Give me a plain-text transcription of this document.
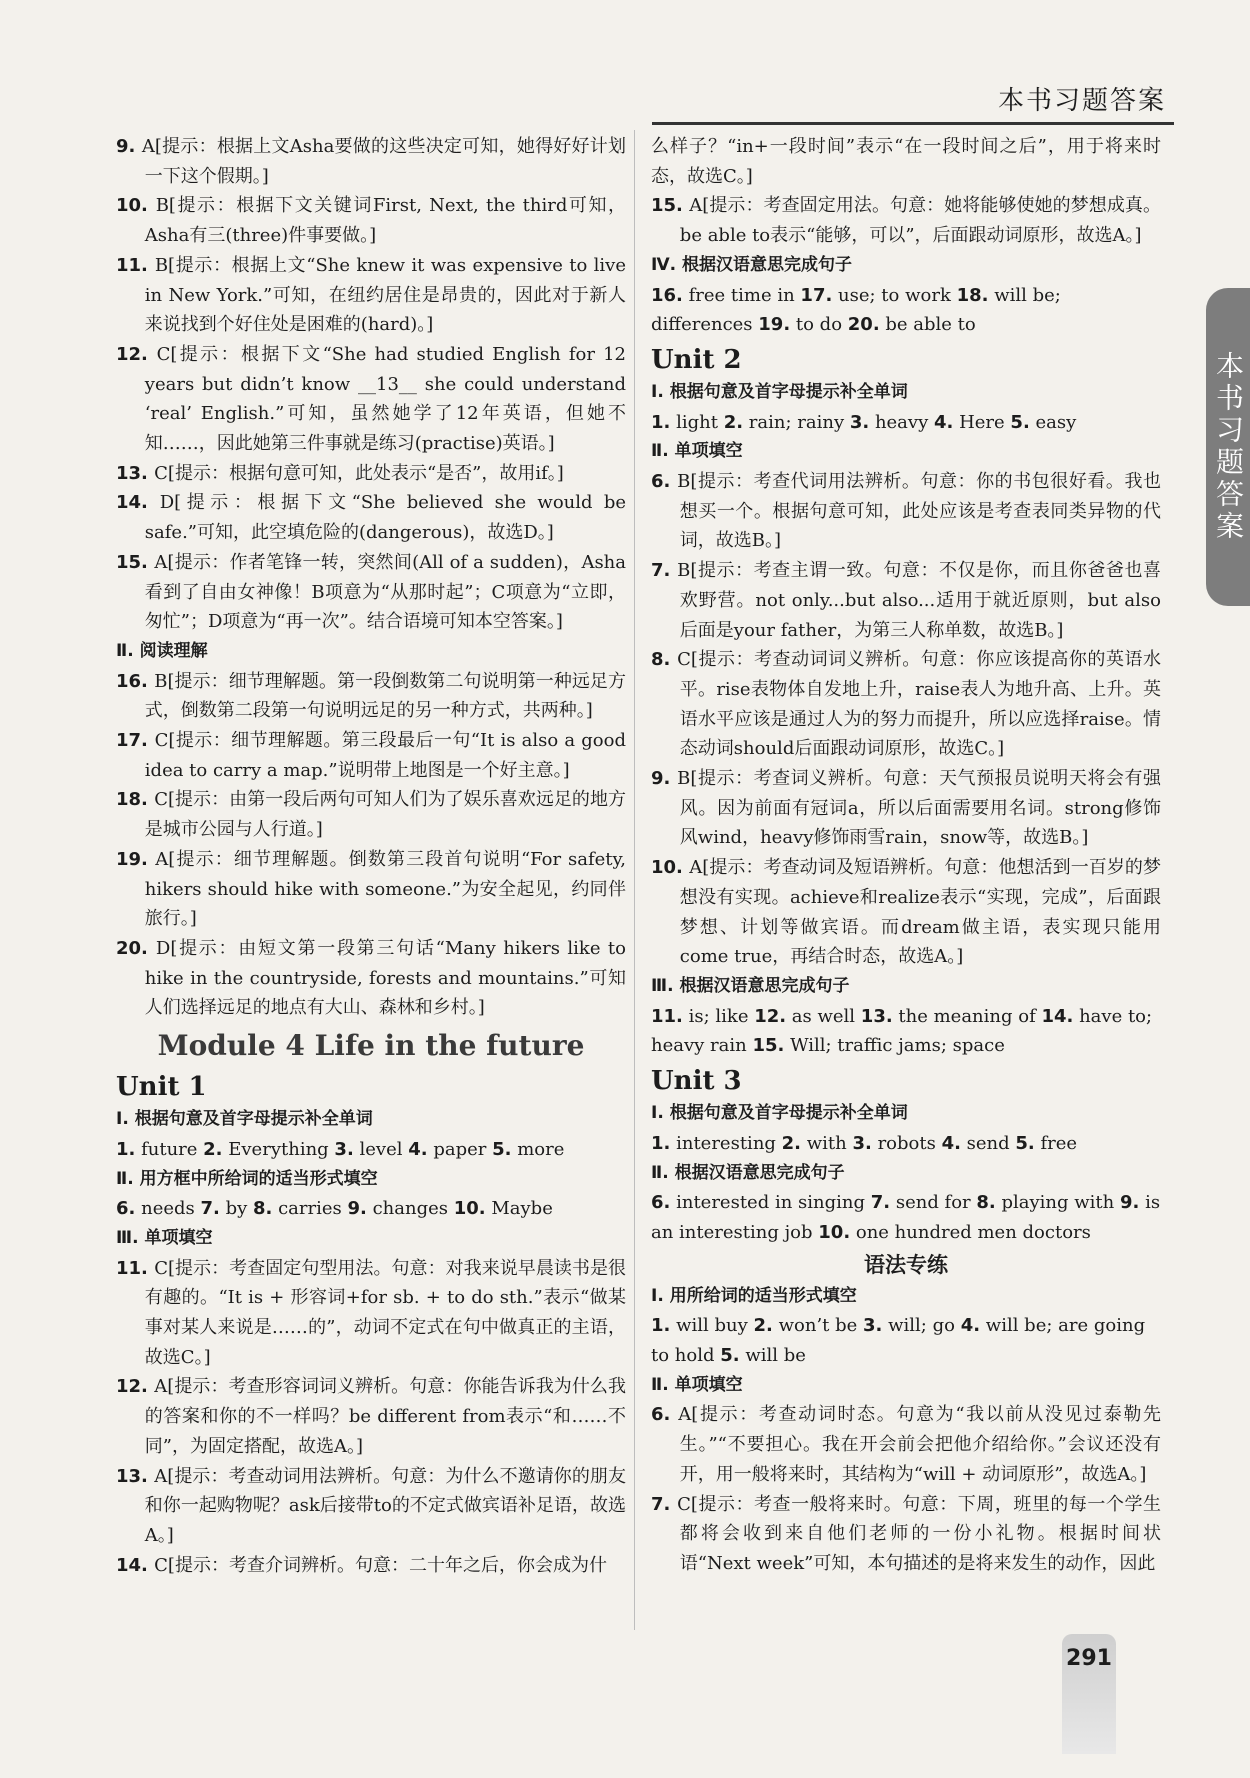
本书习题答案
本书习题答案
9. A[提示：根据上文Asha要做的这些决定可知，她得好好计划一下这个假期。]
10. B[提示：根据下文关键词First, Next, the third可知，Asha有三(three)件事要做。]
11. B[提示：根据上文“She knew it was expensive to live in New York.”可知，在纽约居住是昂贵的，因此对于新人来说找到个好住处是困难的(hard)。]
12. C[提示：根据下文“She had studied English for 12 years but didn’t know __13__ she could understand ‘real’ English.”可知，虽然她学了12年英语，但她不知……，因此她第三件事就是练习(practise)英语。]
13. C[提示：根据句意可知，此处表示“是否”，故用if。]
14. D[提示：根据下文“She believed she would be safe.”可知，此空填危险的(dangerous)，故选D。]
15. A[提示：作者笔锋一转，突然间(All of a sudden)，Asha看到了自由女神像！B项意为“从那时起”；C项意为“立即，匆忙”；D项意为“再一次”。结合语境可知本空答案。]
Ⅱ. 阅读理解
16. B[提示：细节理解题。第一段倒数第二句说明第一种远足方式，倒数第二段第一句说明远足的另一种方式，共两种。]
17. C[提示：细节理解题。第三段最后一句“It is also a good idea to carry a map.”说明带上地图是一个好主意。]
18. C[提示：由第一段后两句可知人们为了娱乐喜欢远足的地方是城市公园与人行道。]
19. A[提示：细节理解题。倒数第三段首句说明“For safety, hikers should hike with someone.”为安全起见，约同伴旅行。]
20. D[提示：由短文第一段第三句话“Many hikers like to hike in the countryside, forests and mountains.”可知人们选择远足的地点有大山、森林和乡村。]
Module 4 Life in the future
Unit 1
Ⅰ. 根据句意及首字母提示补全单词
1. future 2. Everything 3. level 4. paper 5. more
Ⅱ. 用方框中所给词的适当形式填空
6. needs 7. by 8. carries 9. changes 10. Maybe
Ⅲ. 单项填空
11. C[提示：考查固定句型用法。句意：对我来说早晨读书是很有趣的。“It is + 形容词+for sb. + to do sth.”表示“做某事对某人来说是……的”，动词不定式在句中做真正的主语，故选C。]
12. A[提示：考查形容词词义辨析。句意：你能告诉我为什么我的答案和你的不一样吗？be different from表示“和……不同”，为固定搭配，故选A。]
13. A[提示：考查动词用法辨析。句意：为什么不邀请你的朋友和你一起购物呢？ask后接带to的不定式做宾语补足语，故选A。]
14. C[提示：考查介词辨析。句意：二十年之后，你会成为什
么样子？“in+一段时间”表示“在一段时间之后”，用于将来时态，故选C。]
15. A[提示：考查固定用法。句意：她将能够使她的梦想成真。be able to表示“能够，可以”，后面跟动词原形，故选A。]
Ⅳ. 根据汉语意思完成句子
16. free time in 17. use; to work 18. will be; differences 19. to do 20. be able to
Unit 2
Ⅰ. 根据句意及首字母提示补全单词
1. light 2. rain; rainy 3. heavy 4. Here 5. easy
Ⅱ. 单项填空
6. B[提示：考查代词用法辨析。句意：你的书包很好看。我也想买一个。根据句意可知，此处应该是考查表同类异物的代词，故选B。]
7. B[提示：考查主谓一致。句意：不仅是你，而且你爸爸也喜欢野营。not only...but also...适用于就近原则，but also后面是your father，为第三人称单数，故选B。]
8. C[提示：考查动词词义辨析。句意：你应该提高你的英语水平。rise表物体自发地上升，raise表人为地升高、上升。英语水平应该是通过人为的努力而提升，所以应选择raise。情态动词should后面跟动词原形，故选C。]
9. B[提示：考查词义辨析。句意：天气预报员说明天将会有强风。因为前面有冠词a，所以后面需要用名词。strong修饰风wind，heavy修饰雨雪rain，snow等，故选B。]
10. A[提示：考查动词及短语辨析。句意：他想活到一百岁的梦想没有实现。achieve和realize表示“实现，完成”，后面跟梦想、计划等做宾语。而dream做主语，表实现只能用come true，再结合时态，故选A。]
Ⅲ. 根据汉语意思完成句子
11. is; like 12. as well 13. the meaning of 14. have to; heavy rain 15. Will; traffic jams; space
Unit 3
Ⅰ. 根据句意及首字母提示补全单词
1. interesting 2. with 3. robots 4. send 5. free
Ⅱ. 根据汉语意思完成句子
6. interested in singing 7. send for 8. playing with 9. is an interesting job 10. one hundred men doctors
语法专练
Ⅰ. 用所给词的适当形式填空
1. will buy 2. won’t be 3. will; go 4. will be; are going to hold 5. will be
Ⅱ. 单项填空
6. A[提示：考查动词时态。句意为“我以前从没见过泰勒先生。”“不要担心。我在开会前会把他介绍给你。”会议还没有开，用一般将来时，其结构为“will + 动词原形”，故选A。]
7. C[提示：考查一般将来时。句意：下周，班里的每一个学生都将会收到来自他们老师的一份小礼物。根据时间状语“Next week”可知，本句描述的是将来发生的动作，因此
291
